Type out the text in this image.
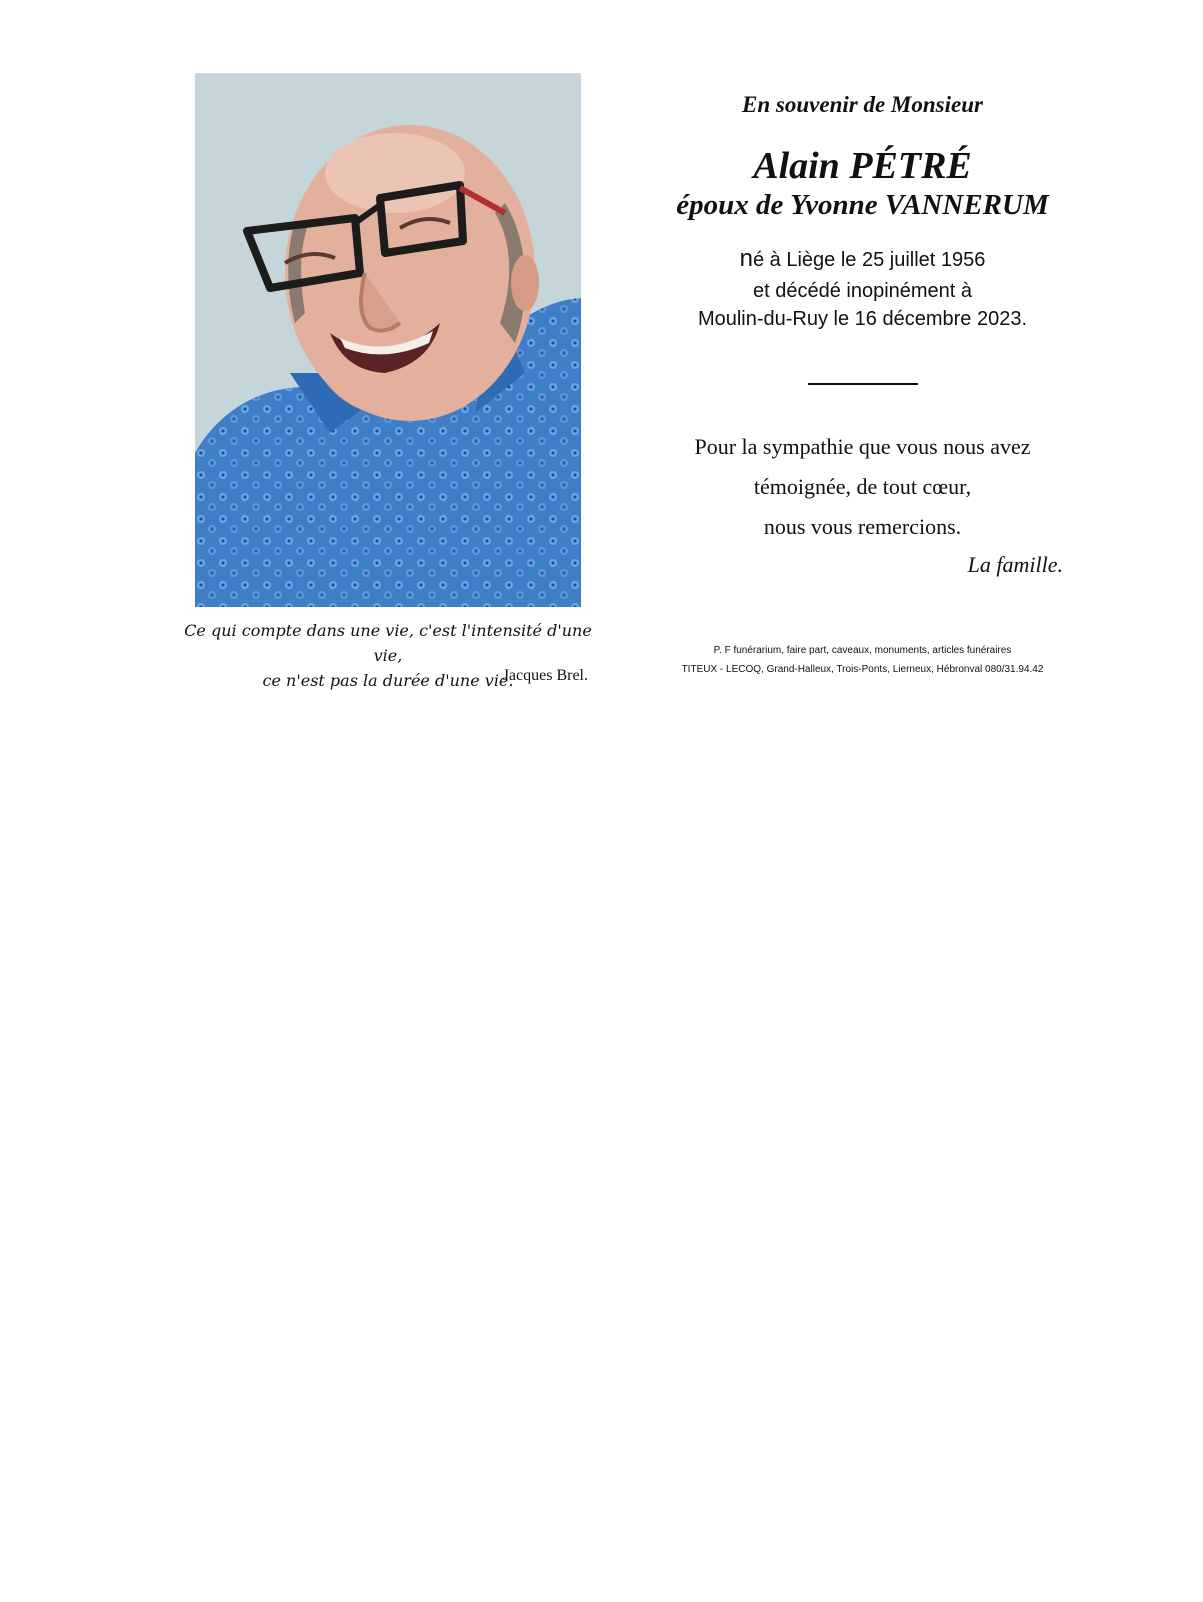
Ce qui compte dans une vie, c'est l'intensité d'une vie,
ce n'est pas la durée d'une vie.
Jacques Brel.

En souvenir de Monsieur

Alain PÉTRÉ

époux de Yvonne VANNERUM

né à Liège le 25 juillet 1956

et décédé inopinément à

Moulin-du-Ruy le 16 décembre 2023.

Pour la sympathie que vous nous avez

témoignée, de tout cœur,

nous vous remercions.

La famille.

P. F funérarium, faire part, caveaux, monuments, articles funéraires

TITEUX - LECOQ, Grand-Halleux, Trois-Ponts, Lierneux, Hébronval 080/31.94.42
